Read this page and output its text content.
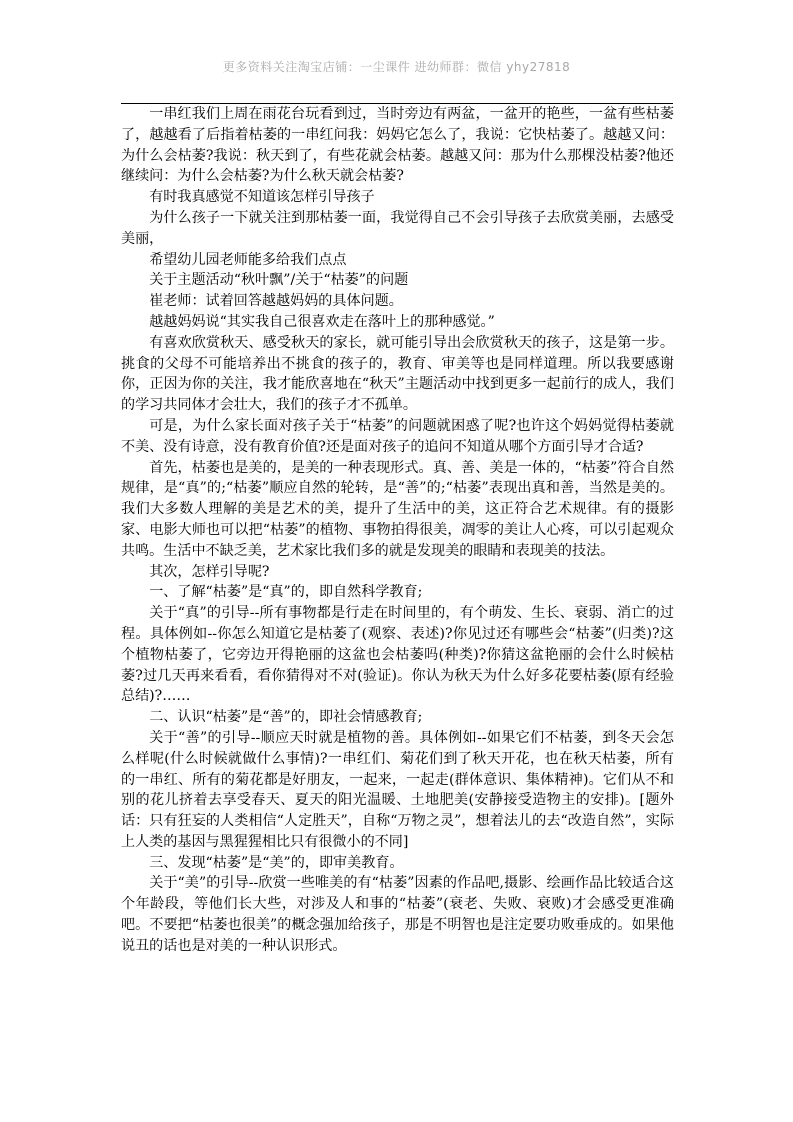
更多资料关注淘宝店铺：一尘课件 进幼师群：微信 yhy27818

一串红我们上周在雨花台玩看到过，当时旁边有两盆，一盆开的艳些，一盆有些枯萎了，越越看了后指着枯萎的一串红问我：妈妈它怎么了，我说：它快枯萎了。越越又问：为什么会枯萎?我说：秋天到了，有些花就会枯萎。越越又问：那为什么那棵没枯萎?他还继续问：为什么会枯萎?为什么秋天就会枯萎?

有时我真感觉不知道该怎样引导孩子

为什么孩子一下就关注到那枯萎一面，我觉得自己不会引导孩子去欣赏美丽，去感受美丽，

希望幼儿园老师能多给我们点点

关于主题活动“秋叶飘”/关于“枯萎”的问题

崔老师：试着回答越越妈妈的具体问题。

越越妈妈说“其实我自己很喜欢走在落叶上的那种感觉。”

有喜欢欣赏秋天、感受秋天的家长，就可能引导出会欣赏秋天的孩子，这是第一步。挑食的父母不可能培养出不挑食的孩子的，教育、审美等也是同样道理。所以我要感谢你，正因为你的关注，我才能欣喜地在“秋天”主题活动中找到更多一起前行的成人，我们的学习共同体才会壮大，我们的孩子才不孤单。

可是，为什么家长面对孩子关于“枯萎”的问题就困惑了呢?也许这个妈妈觉得枯萎就不美、没有诗意，没有教育价值?还是面对孩子的追问不知道从哪个方面引导才合适?

首先，枯萎也是美的，是美的一种表现形式。真、善、美是一体的，“枯萎”符合自然规律，是“真”的;“枯萎”顺应自然的轮转，是“善”的;“枯萎”表现出真和善，当然是美的。我们大多数人理解的美是艺术的美，提升了生活中的美，这正符合艺术规律。有的摄影家、电影大师也可以把“枯萎”的植物、事物拍得很美，凋零的美让人心疼，可以引起观众共鸣。生活中不缺乏美，艺术家比我们多的就是发现美的眼睛和表现美的技法。

其次，怎样引导呢?

一、了解“枯萎”是“真”的，即自然科学教育;

关于“真”的引导--所有事物都是行走在时间里的，有个萌发、生长、衰弱、消亡的过程。具体例如--你怎么知道它是枯萎了(观察、表述)?你见过还有哪些会“枯萎”(归类)?这个植物枯萎了，它旁边开得艳丽的这盆也会枯萎吗(种类)?你猜这盆艳丽的会什么时候枯萎?过几天再来看看，看你猜得对不对(验证)。你认为秋天为什么好多花要枯萎(原有经验总结)?……

二、认识“枯萎”是“善”的，即社会情感教育;

关于“善”的引导--顺应天时就是植物的善。具体例如--如果它们不枯萎，到冬天会怎么样呢(什么时候就做什么事情)?一串红们、菊花们到了秋天开花，也在秋天枯萎，所有的一串红、所有的菊花都是好朋友，一起来，一起走(群体意识、集体精神)。它们从不和别的花儿挤着去享受春天、夏天的阳光温暖、土地肥美(安静接受造物主的安排)。[题外话：只有狂妄的人类相信“人定胜天”，自称“万物之灵”，想着法儿的去“改造自然”，实际上人类的基因与黑猩猩相比只有很微小的不同]

三、发现“枯萎”是“美”的，即审美教育。

关于“美”的引导--欣赏一些唯美的有“枯萎”因素的作品吧,摄影、绘画作品比较适合这个年龄段，等他们长大些，对涉及人和事的“枯萎”(衰老、失败、衰败)才会感受更准确吧。不要把“枯萎也很美”的概念强加给孩子，那是不明智也是注定要功败垂成的。如果他说丑的话也是对美的一种认识形式。
